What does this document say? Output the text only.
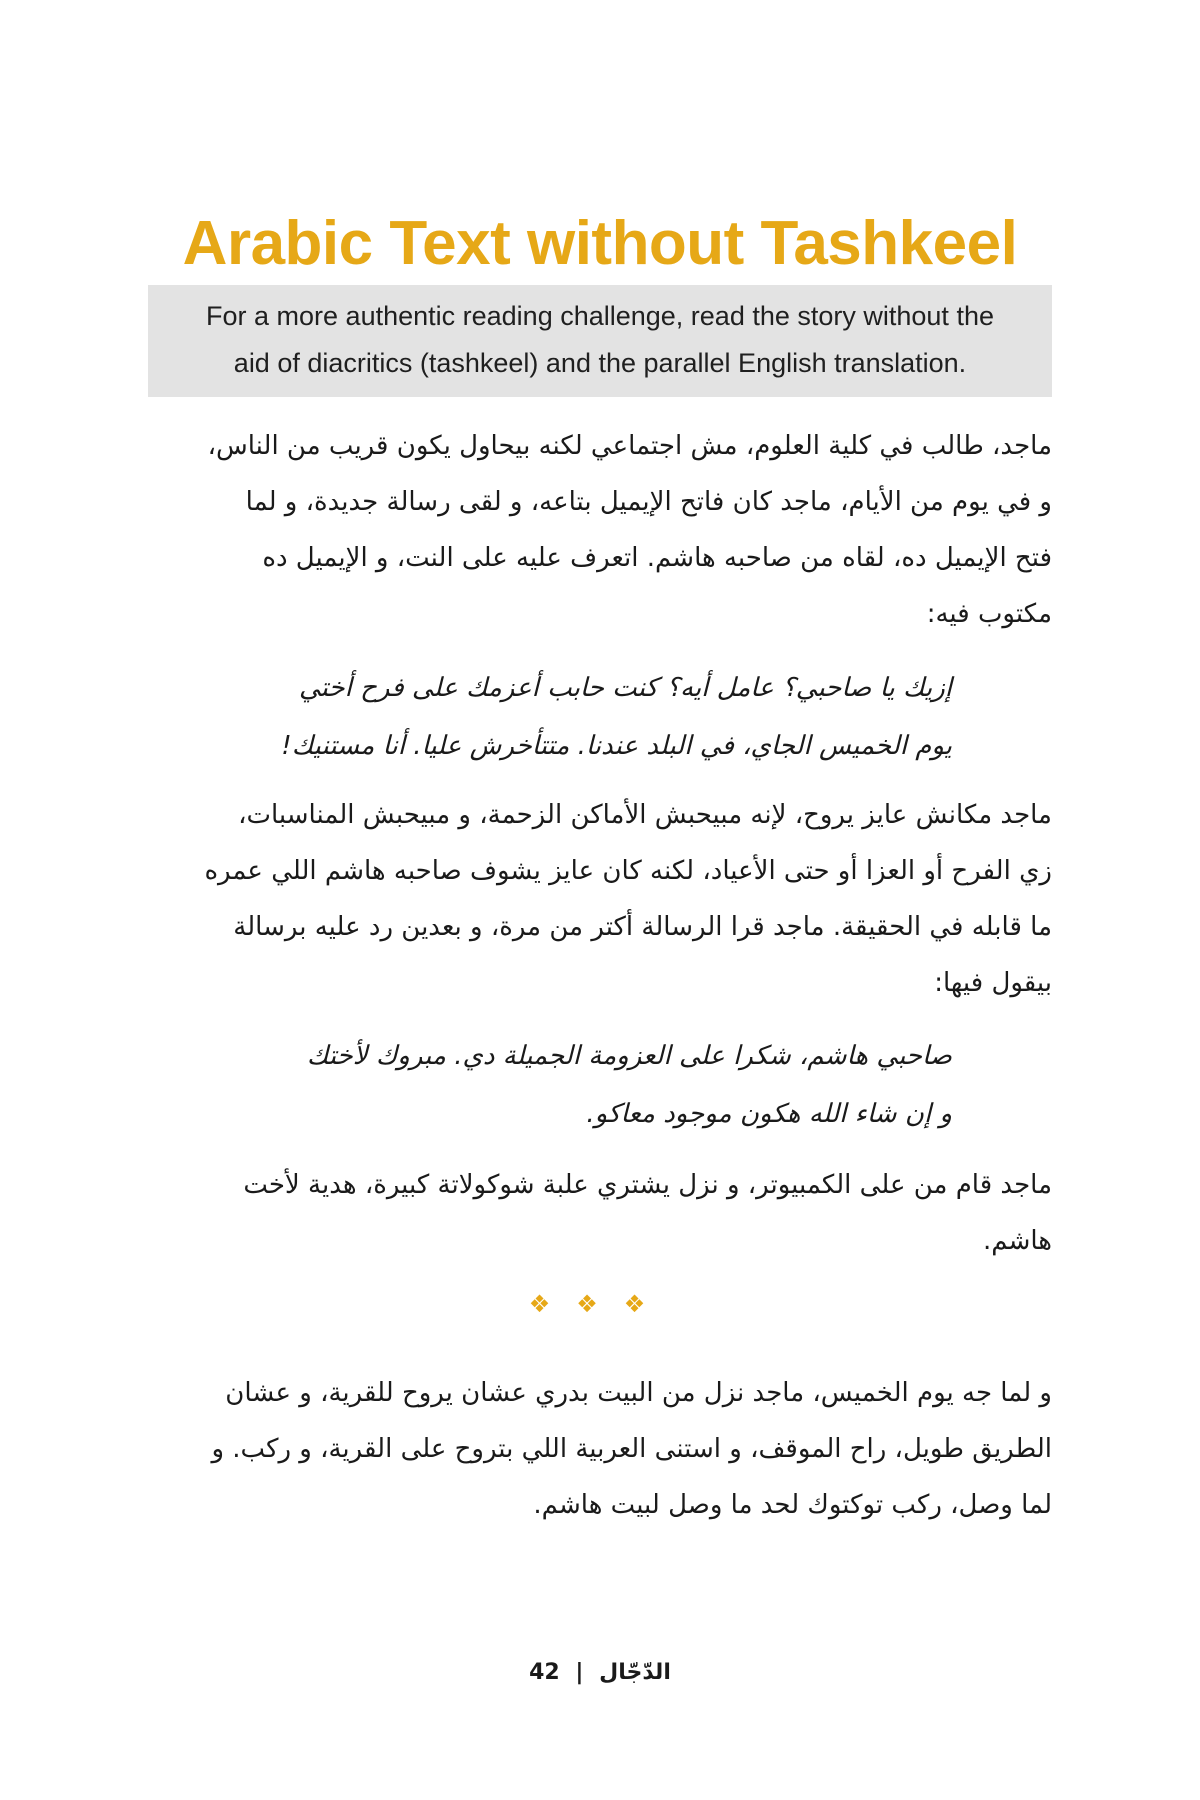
Arabic Text without Tashkeel
For a more authentic reading challenge, read the story without the
aid of diacritics (tashkeel) and the parallel English translation.
ماجد، طالب في كلية العلوم، مش اجتماعي لكنه بيحاول يكون قريب من الناس،
و في يوم من الأيام، ماجد كان فاتح الإيميل بتاعه، و لقى رسالة جديدة، و لما
فتح الإيميل ده، لقاه من صاحبه هاشم. اتعرف عليه على النت، و الإيميل ده
مكتوب فيه:
إزيك يا صاحبي؟ عامل أيه؟ كنت حابب أعزمك على فرح أختي
يوم الخميس الجاي، في البلد عندنا. متتأخرش عليا. أنا مستنيك!
ماجد مكانش عايز يروح، لإنه مبيحبش الأماكن الزحمة، و مبيحبش المناسبات،
زي الفرح أو العزا أو حتى الأعياد، لكنه كان عايز يشوف صاحبه هاشم اللي عمره
ما قابله في الحقيقة. ماجد قرا الرسالة أكتر من مرة، و بعدين رد عليه برسالة
بيقول فيها:
صاحبي هاشم، شكرا على العزومة الجميلة دي. مبروك لأختك
و إن شاء الله هكون موجود معاكو.
ماجد قام من على الكمبيوتر، و نزل يشتري علبة شوكولاتة كبيرة، هدية لأخت
هاشم.
❖❖❖
و لما جه يوم الخميس، ماجد نزل من البيت بدري عشان يروح للقرية، و عشان
الطريق طويل، راح الموقف، و استنى العربية اللي بتروح على القرية، و ركب. و
لما وصل، ركب توكتوك لحد ما وصل لبيت هاشم.
42 | الدّجّال
